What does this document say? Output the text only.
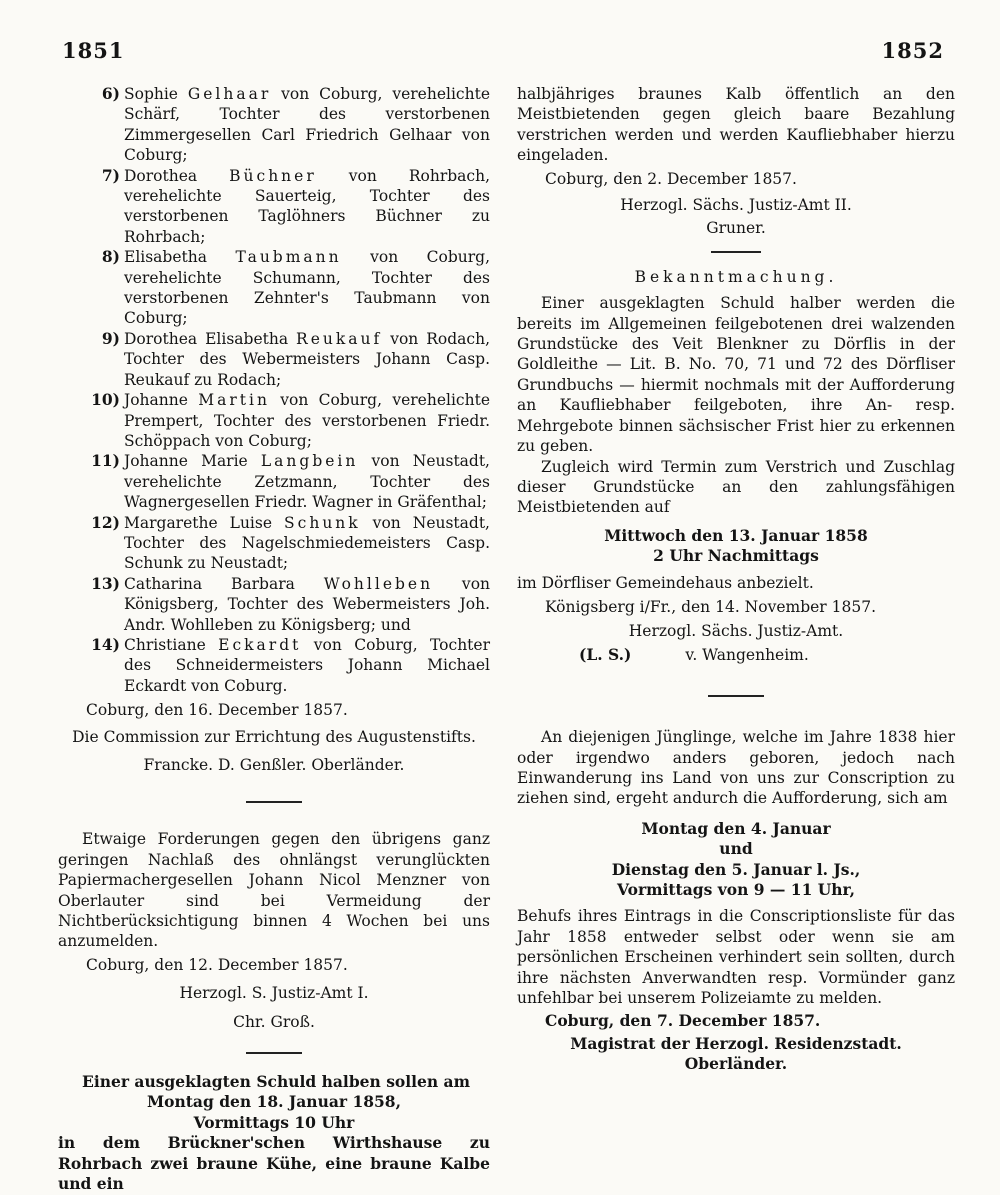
1851	1852
6) Sophie Gelhaar von Coburg, verehelichte Schärf, Tochter des verstorbenen Zimmergesellen Carl Friedrich Gelhaar von Coburg;
7) Dorothea Büchner von Rohrbach, verehelichte Sauerteig, Tochter des verstorbenen Taglöhners Büchner zu Rohrbach;
8) Elisabetha Taubmann von Coburg, verehelichte Schumann, Tochter des verstorbenen Zehnter's Taubmann von Coburg;
9) Dorothea Elisabetha Reukauf von Rodach, Tochter des Webermeisters Johann Casp. Reukauf zu Rodach;
10) Johanne Martin von Coburg, verehelichte Prempert, Tochter des verstorbenen Friedr. Schöppach von Coburg;
11) Johanne Marie Langbein von Neustadt, verehelichte Zetzmann, Tochter des Wagnergesellen Friedr. Wagner in Gräfenthal;
12) Margarethe Luise Schunk von Neustadt, Tochter des Nagelschmiedemeisters Casp. Schunk zu Neustadt;
13) Catharina Barbara Wohlleben von Königsberg, Tochter des Webermeisters Joh. Andr. Wohlleben zu Königsberg; und
14) Christiane Eckardt von Coburg, Tochter des Schneidermeisters Johann Michael Eckardt von Coburg.

Coburg, den 16. December 1857.

Die Commission zur Errichtung des Augustenstifts.

Francke. D. Genßler. Oberländer.

Etwaige Forderungen gegen den übrigens ganz geringen Nachlaß des ohnlängst verunglückten Papiermachergesellen Johann Nicol Menzner von Oberlauter sind bei Vermeidung der Nichtberücksichtigung binnen 4 Wochen bei uns anzumelden.

Coburg, den 12. December 1857.

Herzogl. S. Justiz-Amt I.

Chr. Groß.

Einer ausgeklagten Schuld halben sollen am

Montag den 18. Januar 1858,

Vormittags 10 Uhr

in dem Brückner'schen Wirthshause zu Rohrbach zwei braune Kühe, eine braune Kalbe und ein

halbjähriges braunes Kalb öffentlich an den Meistbietenden gegen gleich baare Bezahlung verstrichen werden und werden Kaufliebhaber hierzu eingeladen.

Coburg, den 2. December 1857.

Herzogl. Sächs. Justiz-Amt II.

Gruner.

Bekanntmachung.

Einer ausgeklagten Schuld halber werden die bereits im Allgemeinen feilgebotenen drei walzenden Grundstücke des Veit Blenkner zu Dörflis in der Goldleithe — Lit. B. No. 70, 71 und 72 des Dörfliser Grundbuchs — hiermit nochmals mit der Aufforderung an Kaufliebhaber feilgeboten, ihre An- resp. Mehrgebote binnen sächsischer Frist hier zu erkennen zu geben.

Zugleich wird Termin zum Verstrich und Zuschlag dieser Grundstücke an den zahlungsfähigen Meistbietenden auf

Mittwoch den 13. Januar 1858

2 Uhr Nachmittags

im Dörfliser Gemeindehaus anbezielt.

Königsberg i/Fr., den 14. November 1857.

Herzogl. Sächs. Justiz-Amt.

(L. S.)	v. Wangenheim.

An diejenigen Jünglinge, welche im Jahre 1838 hier oder irgendwo anders geboren, jedoch nach Einwanderung ins Land von uns zur Conscription zu ziehen sind, ergeht andurch die Aufforderung, sich am

Montag den 4. Januar

und

Dienstag den 5. Januar l. Js.,

Vormittags von 9 — 11 Uhr,

Behufs ihres Eintrags in die Conscriptionsliste für das Jahr 1858 entweder selbst oder wenn sie am persönlichen Erscheinen verhindert sein sollten, durch ihre nächsten Anverwandten resp. Vormünder ganz unfehlbar bei unserem Polizeiamte zu melden.

Coburg, den 7. December 1857.

Magistrat der Herzogl. Residenzstadt.

Oberländer.
